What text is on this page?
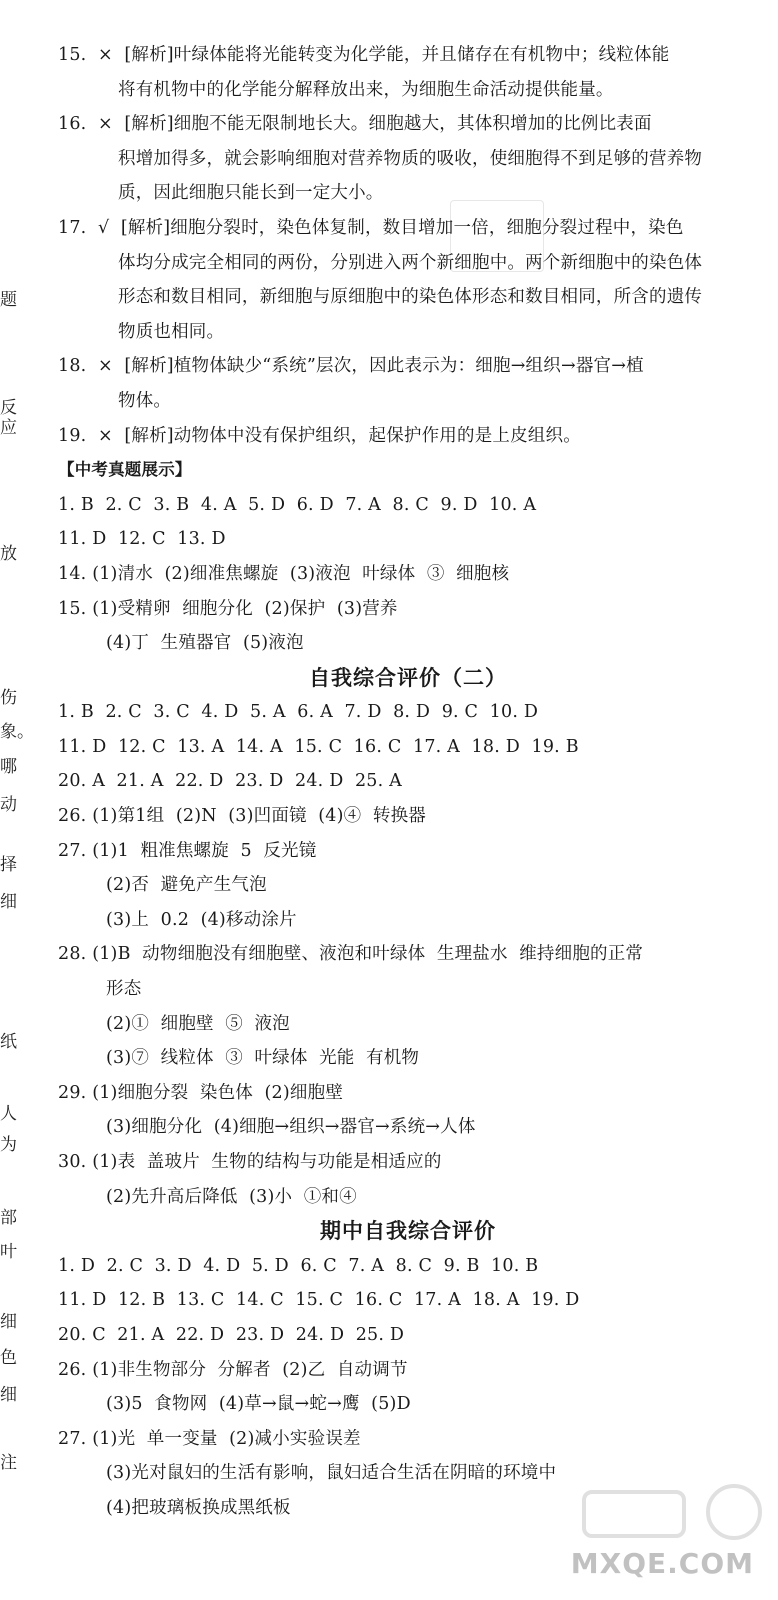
题
反应
放
伤
象。
哪
动
择
细
纸
人
为
部
叶
细
色
细
注
15.  ×  [解析]叶绿体能将光能转变为化学能，并且储存在有机物中；线粒体能
将有机物中的化学能分解释放出来，为细胞生命活动提供能量。
16.  ×  [解析]细胞不能无限制地长大。细胞越大，其体积增加的比例比表面
积增加得多，就会影响细胞对营养物质的吸收，使细胞得不到足够的营养物
质，因此细胞只能长到一定大小。
17.  √  [解析]细胞分裂时，染色体复制，数目增加一倍，细胞分裂过程中，染色
体均分成完全相同的两份，分别进入两个新细胞中。两个新细胞中的染色体
形态和数目相同，新细胞与原细胞中的染色体形态和数目相同，所含的遗传
物质也相同。
18.  ×  [解析]植物体缺少“系统”层次，因此表示为：细胞→组织→器官→植
物体。
19.  ×  [解析]动物体中没有保护组织，起保护作用的是上皮组织。
【中考真题展示】
1. B  2. C  3. B  4. A  5. D  6. D  7. A  8. C  9. D  10. A
11. D  12. C  13. D
14. (1)清水  (2)细准焦螺旋  (3)液泡  叶绿体  ③  细胞核
15. (1)受精卵  细胞分化  (2)保护  (3)营养
(4)丁  生殖器官  (5)液泡
自我综合评价（二）
1. B  2. C  3. C  4. D  5. A  6. A  7. D  8. D  9. C  10. D
11. D  12. C  13. A  14. A  15. C  16. C  17. A  18. D  19. B
20. A  21. A  22. D  23. D  24. D  25. A
26. (1)第1组  (2)N  (3)凹面镜  (4)④  转换器
27. (1)1  粗准焦螺旋  5  反光镜
(2)否  避免产生气泡
(3)上  0.2  (4)移动涂片
28. (1)B  动物细胞没有细胞壁、液泡和叶绿体  生理盐水  维持细胞的正常
形态
(2)①  细胞壁  ⑤  液泡
(3)⑦  线粒体  ③  叶绿体  光能  有机物
29. (1)细胞分裂  染色体  (2)细胞壁
(3)细胞分化  (4)细胞→组织→器官→系统→人体
30. (1)表  盖玻片  生物的结构与功能是相适应的
(2)先升高后降低  (3)小  ①和④
期中自我综合评价
1. D  2. C  3. D  4. D  5. D  6. C  7. A  8. C  9. B  10. B
11. D  12. B  13. C  14. C  15. C  16. C  17. A  18. A  19. D
20. C  21. A  22. D  23. D  24. D  25. D
26. (1)非生物部分  分解者  (2)乙  自动调节
(3)5  食物网  (4)草→鼠→蛇→鹰  (5)D
27. (1)光  单一变量  (2)减小实验误差
(3)光对鼠妇的生活有影响，鼠妇适合生活在阴暗的环境中
(4)把玻璃板换成黑纸板
MXQE.COM
